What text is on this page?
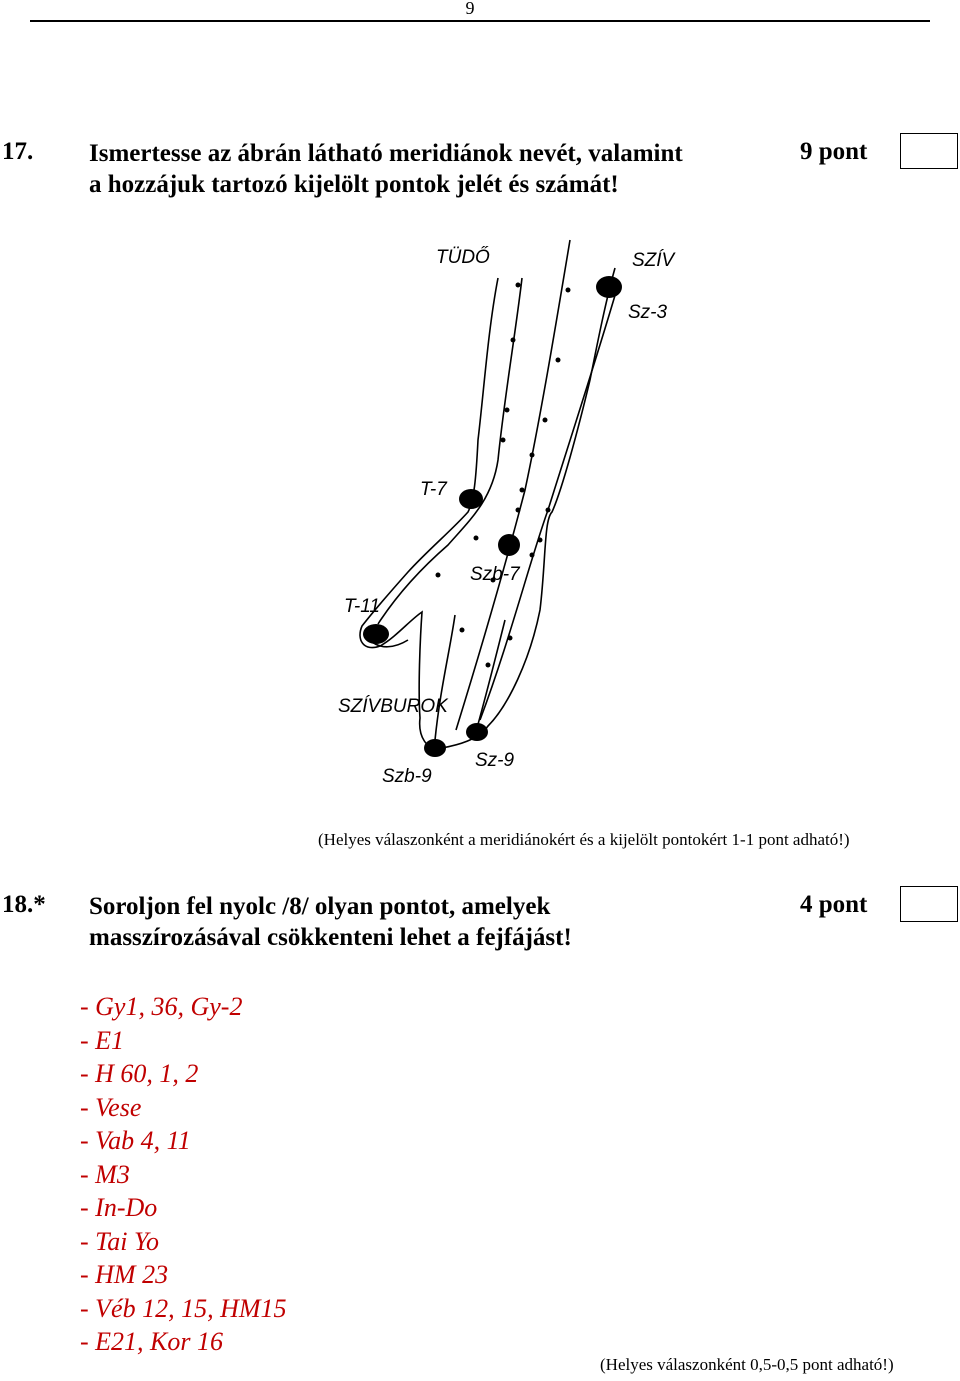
9
17. Ismertesse az ábrán látható meridiánok nevét, valamint
a hozzájuk tartozó kijelölt pontok jelét és számát!
9 pont
TÜDŐ	SZÍV
Sz-3
T-7
Szb-7
T-11
SZÍVBUROK
Szb-9
Sz-9
(Helyes válaszonként a meridiánokért és a kijelölt pontokért 1-1 pont adható!)
18.* Soroljon fel nyolc /8/ olyan pontot, amelyek
masszírozásával csökkenteni lehet a fejfájást!
4 pont
- Gy1, 36, Gy-2
- E1
- H 60, 1, 2
- Vese
- Vab 4, 11
- M3
- In-Do
- Tai Yo
- HM 23
- Véb 12, 15, HM15
- E21, Kor 16
(Helyes válaszonként 0,5-0,5 pont adható!)
